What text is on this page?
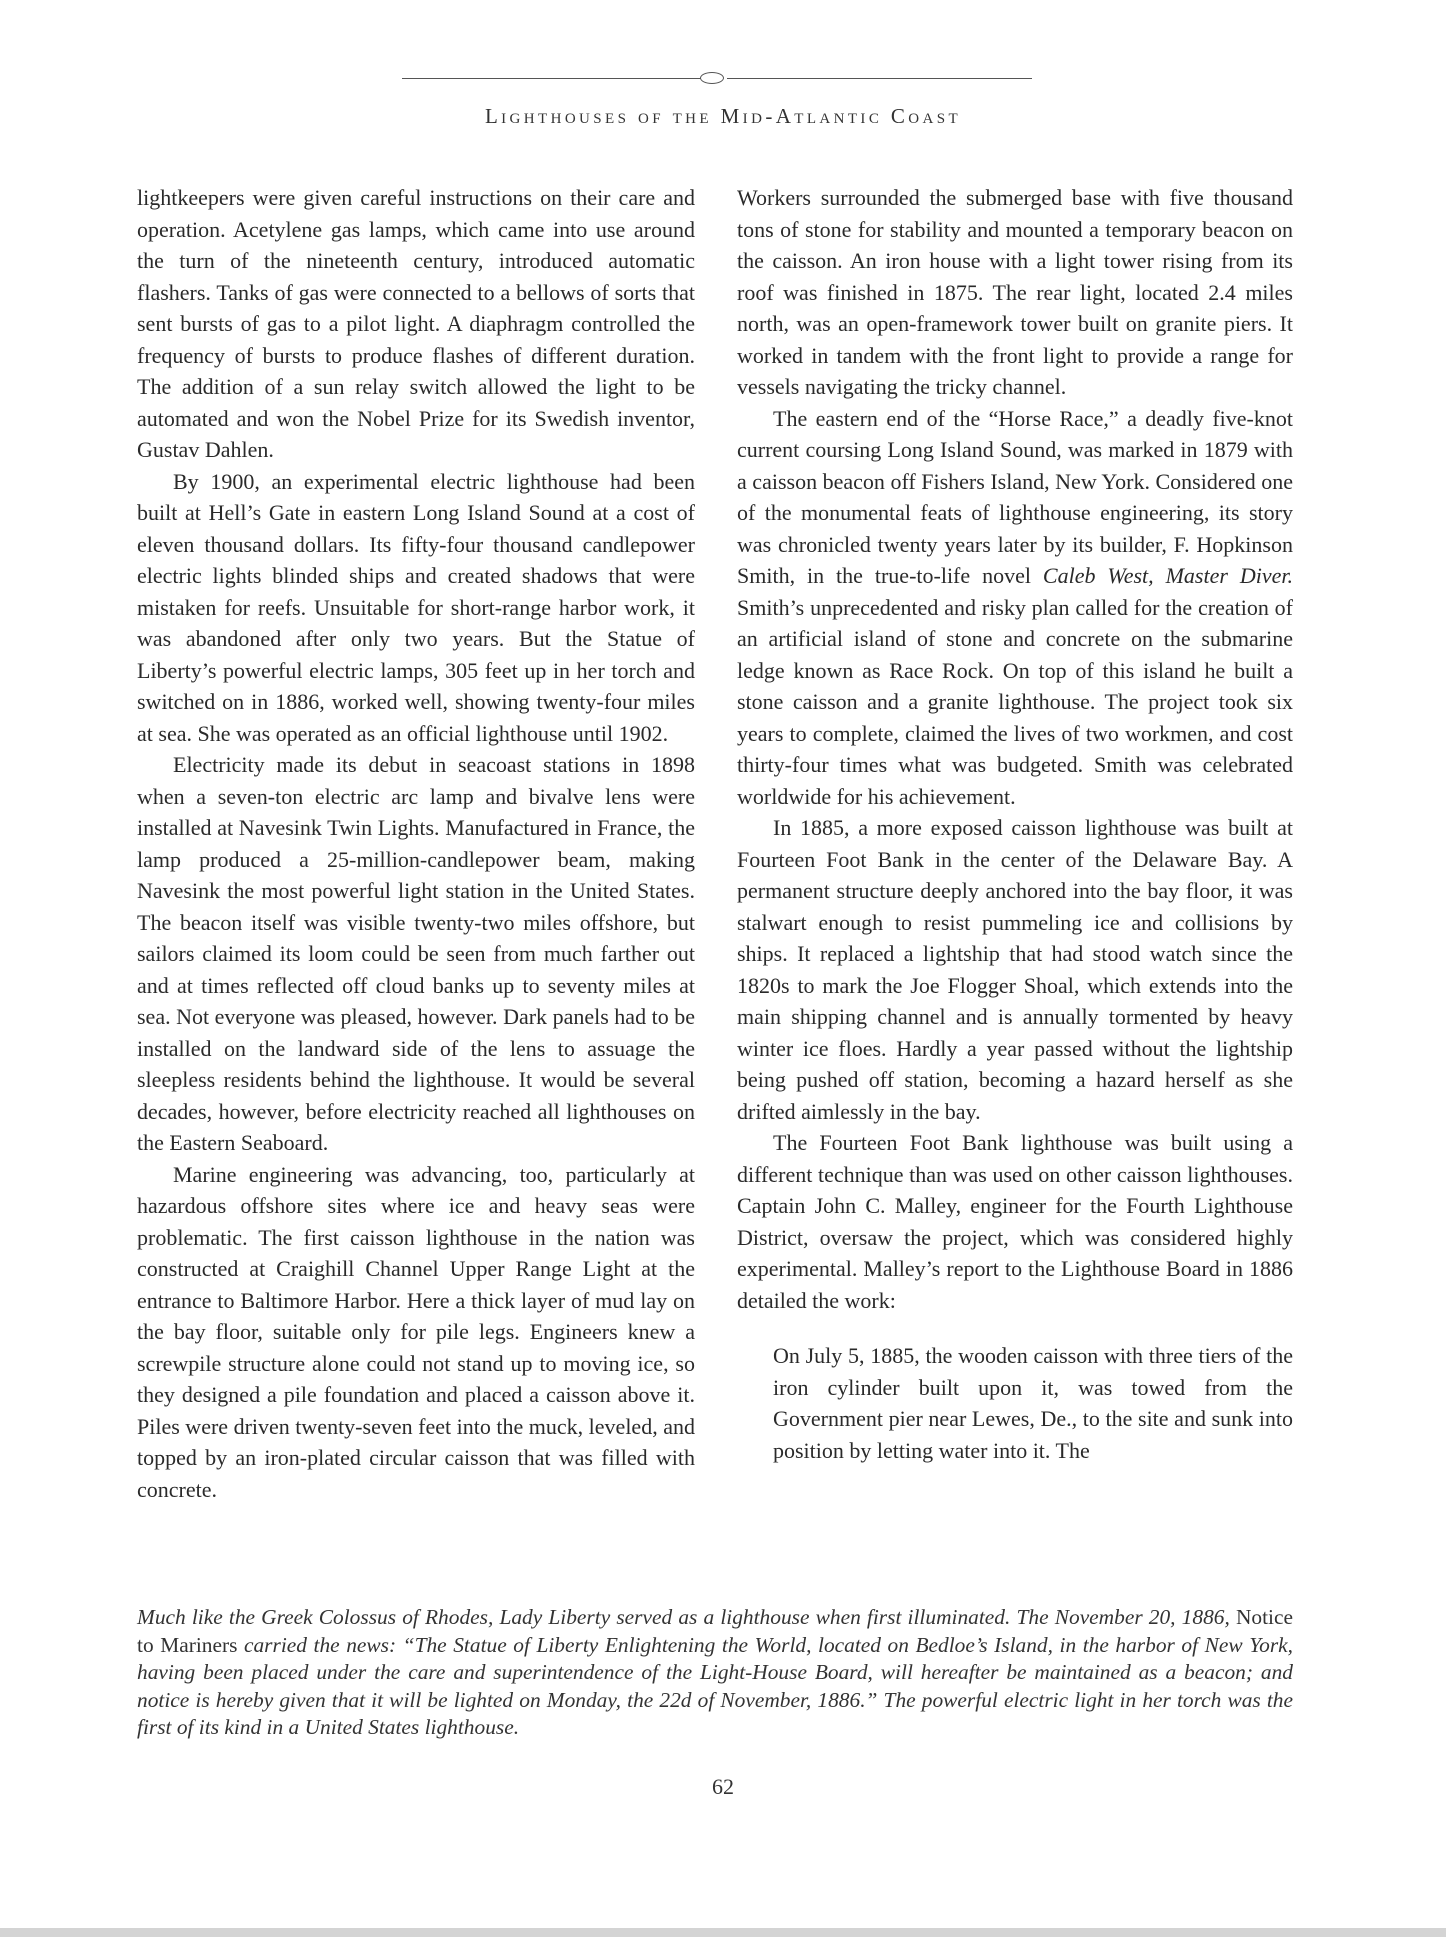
Lighthouses of the Mid-Atlantic Coast

lightkeepers were given careful instructions on their care and operation. Acetylene gas lamps, which came into use around the turn of the nineteenth century, introduced automatic flashers. Tanks of gas were connected to a bellows of sorts that sent bursts of gas to a pilot light. A diaphragm controlled the frequency of bursts to produce flashes of different duration. The addition of a sun relay switch allowed the light to be automated and won the Nobel Prize for its Swedish inventor, Gustav Dahlen.

By 1900, an experimental electric lighthouse had been built at Hell’s Gate in eastern Long Island Sound at a cost of eleven thousand dollars. Its fifty-four thousand candlepower electric lights blinded ships and created shadows that were mistaken for reefs. Unsuitable for short-range harbor work, it was abandoned after only two years. But the Statue of Liberty’s powerful electric lamps, 305 feet up in her torch and switched on in 1886, worked well, showing twenty-four miles at sea. She was operated as an official lighthouse until 1902.

Electricity made its debut in seacoast stations in 1898 when a seven-ton electric arc lamp and bivalve lens were installed at Navesink Twin Lights. Manufactured in France, the lamp produced a 25-million-candlepower beam, making Navesink the most powerful light station in the United States. The beacon itself was visible twenty-two miles offshore, but sailors claimed its loom could be seen from much farther out and at times reflected off cloud banks up to seventy miles at sea. Not everyone was pleased, however. Dark panels had to be installed on the landward side of the lens to assuage the sleepless residents behind the lighthouse. It would be several decades, however, before electricity reached all lighthouses on the Eastern Seaboard.

Marine engineering was advancing, too, particularly at hazardous offshore sites where ice and heavy seas were problematic. The first caisson lighthouse in the nation was constructed at Craighill Channel Upper Range Light at the entrance to Baltimore Harbor. Here a thick layer of mud lay on the bay floor, suitable only for pile legs. Engineers knew a screwpile structure alone could not stand up to moving ice, so they designed a pile foundation and placed a caisson above it. Piles were driven twenty-seven feet into the muck, leveled, and topped by an iron-plated circular caisson that was filled with concrete.

Workers surrounded the submerged base with five thousand tons of stone for stability and mounted a temporary beacon on the caisson. An iron house with a light tower rising from its roof was finished in 1875. The rear light, located 2.4 miles north, was an open-framework tower built on granite piers. It worked in tandem with the front light to provide a range for vessels navigating the tricky channel.

The eastern end of the “Horse Race,” a deadly five-knot current coursing Long Island Sound, was marked in 1879 with a caisson beacon off Fishers Island, New York. Considered one of the monumental feats of lighthouse engineering, its story was chronicled twenty years later by its builder, F. Hopkinson Smith, in the true-to-life novel Caleb West, Master Diver. Smith’s unprecedented and risky plan called for the creation of an artificial island of stone and concrete on the submarine ledge known as Race Rock. On top of this island he built a stone caisson and a granite lighthouse. The project took six years to complete, claimed the lives of two workmen, and cost thirty-four times what was budgeted. Smith was celebrated worldwide for his achievement.

In 1885, a more exposed caisson lighthouse was built at Fourteen Foot Bank in the center of the Delaware Bay. A permanent structure deeply anchored into the bay floor, it was stalwart enough to resist pummeling ice and collisions by ships. It replaced a lightship that had stood watch since the 1820s to mark the Joe Flogger Shoal, which extends into the main shipping channel and is annually tormented by heavy winter ice floes. Hardly a year passed without the lightship being pushed off station, becoming a hazard herself as she drifted aimlessly in the bay.

The Fourteen Foot Bank lighthouse was built using a different technique than was used on other caisson lighthouses. Captain John C. Malley, engineer for the Fourth Lighthouse District, oversaw the project, which was considered highly experimental. Malley’s report to the Lighthouse Board in 1886 detailed the work:

On July 5, 1885, the wooden caisson with three tiers of the iron cylinder built upon it, was towed from the Government pier near Lewes, De., to the site and sunk into position by letting water into it. The

Much like the Greek Colossus of Rhodes, Lady Liberty served as a lighthouse when first illuminated. The November 20, 1886, Notice to Mariners carried the news: “The Statue of Liberty Enlightening the World, located on Bedloe’s Island, in the harbor of New York, having been placed under the care and superintendence of the Light-House Board, will hereafter be maintained as a beacon; and notice is hereby given that it will be lighted on Monday, the 22d of November, 1886.” The powerful electric light in her torch was the first of its kind in a United States lighthouse.
62
